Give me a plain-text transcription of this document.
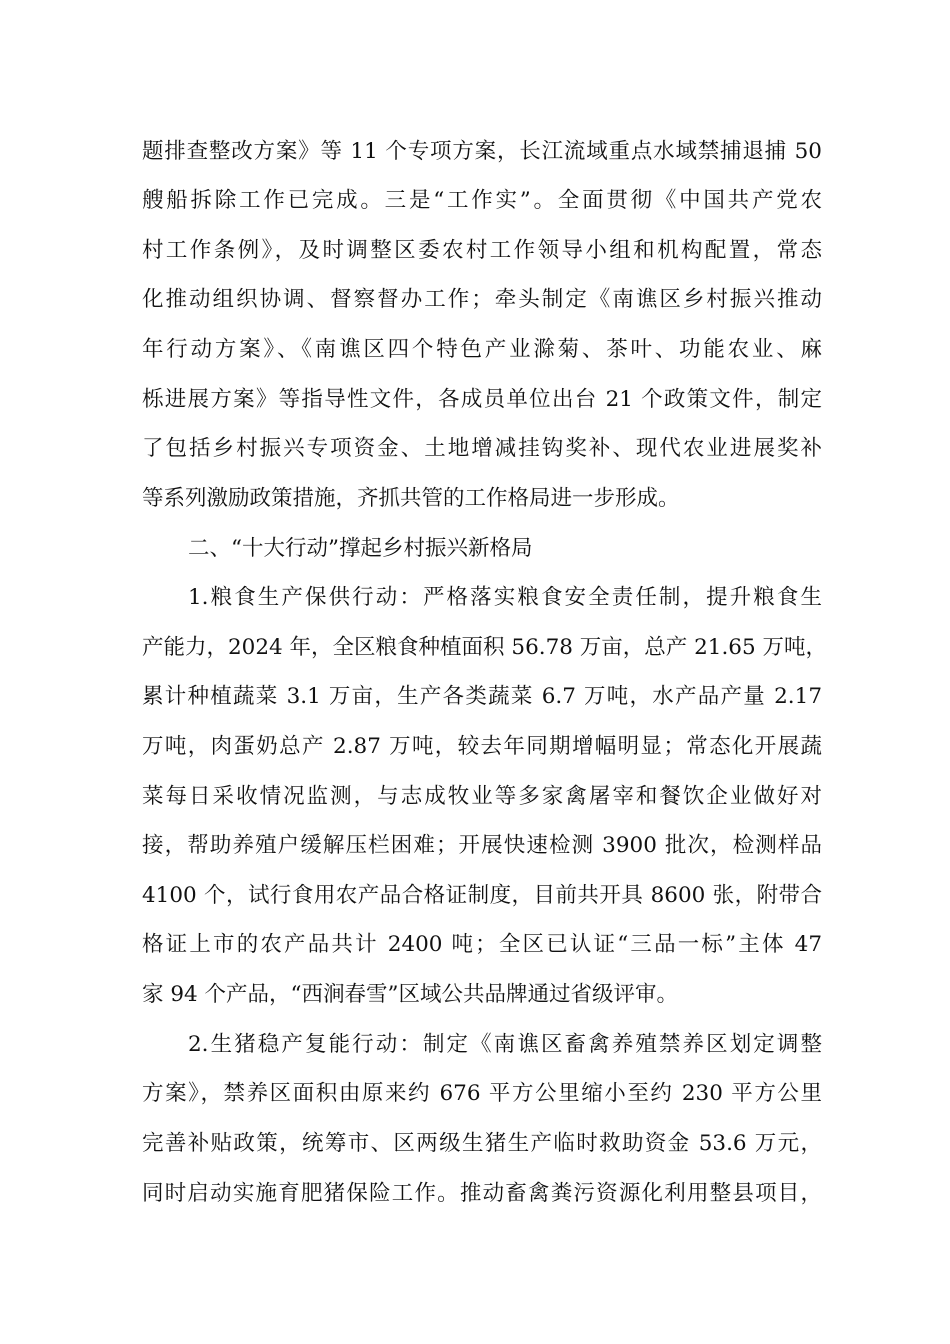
题排查整改方案》等 11 个专项方案，长江流域重点水域禁捕退捕 50
艘船拆除工作已完成。三是“工作实”。全面贯彻《中国共产党农
村工作条例》，及时调整区委农村工作领导小组和机构配置，常态
化推动组织协调、督察督办工作；牵头制定《南谯区乡村振兴推动
年行动方案》、《南谯区四个特色产业滁菊、茶叶、功能农业、麻
栎进展方案》等指导性文件，各成员单位出台 21 个政策文件，制定
了包括乡村振兴专项资金、土地增减挂钩奖补、现代农业进展奖补
等系列激励政策措施，齐抓共管的工作格局进一步形成。
二、“十大行动”撑起乡村振兴新格局
1.粮食生产保供行动：严格落实粮食安全责任制，提升粮食生
产能力，2024 年，全区粮食种植面积 56.78 万亩，总产 21.65 万吨，
累计种植蔬菜 3.1 万亩，生产各类蔬菜 6.7 万吨，水产品产量 2.17
万吨，肉蛋奶总产 2.87 万吨，较去年同期增幅明显；常态化开展蔬
菜每日采收情况监测，与志成牧业等多家禽屠宰和餐饮企业做好对
接，帮助养殖户缓解压栏困难；开展快速检测 3900 批次，检测样品
4100 个，试行食用农产品合格证制度，目前共开具 8600 张，附带合
格证上市的农产品共计 2400 吨；全区已认证“三品一标”主体 47
家 94 个产品，“西涧春雪”区域公共品牌通过省级评审。
2.生猪稳产复能行动：制定《南谯区畜禽养殖禁养区划定调整
方案》，禁养区面积由原来约 676 平方公里缩小至约 230 平方公里
完善补贴政策，统筹市、区两级生猪生产临时救助资金 53.6 万元，
同时启动实施育肥猪保险工作。推动畜禽粪污资源化利用整县项目，
